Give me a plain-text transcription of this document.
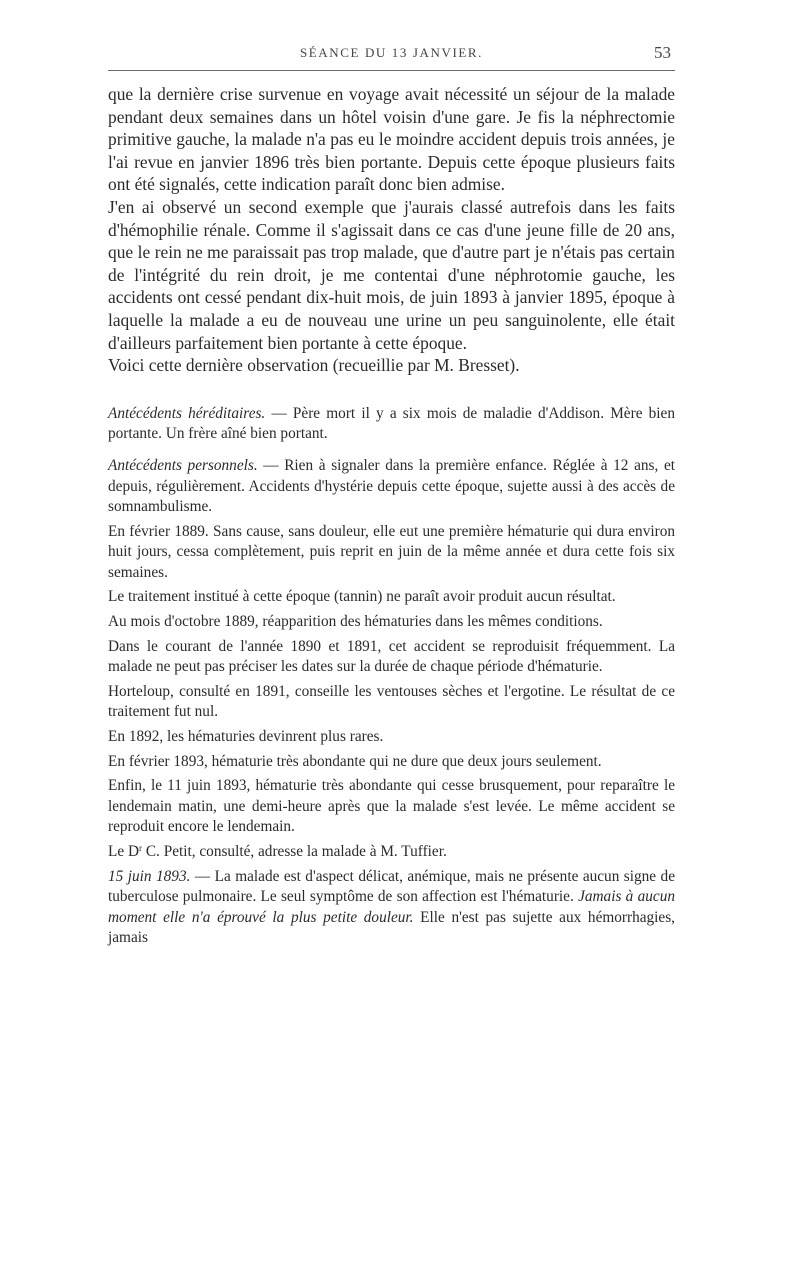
SÉANCE DU 13 JANVIER.	53

que la dernière crise survenue en voyage avait nécessité un séjour de la malade pendant deux semaines dans un hôtel voisin d'une gare. Je fis la néphrectomie primitive gauche, la malade n'a pas eu le moindre accident depuis trois années, je l'ai revue en janvier 1896 très bien portante. Depuis cette époque plusieurs faits ont été signalés, cette indication paraît donc bien admise.

J'en ai observé un second exemple que j'aurais classé autrefois dans les faits d'hémophilie rénale. Comme il s'agissait dans ce cas d'une jeune fille de 20 ans, que le rein ne me paraissait pas trop malade, que d'autre part je n'étais pas certain de l'intégrité du rein droit, je me contentai d'une néphrotomie gauche, les accidents ont cessé pendant dix-huit mois, de juin 1893 à janvier 1895, époque à laquelle la malade a eu de nouveau une urine un peu sanguinolente, elle était d'ailleurs parfaitement bien portante à cette époque.

Voici cette dernière observation (recueillie par M. Bresset).

Antécédents héréditaires. — Père mort il y a six mois de maladie d'Addison. Mère bien portante. Un frère aîné bien portant.

Antécédents personnels. — Rien à signaler dans la première enfance. Réglée à 12 ans, et depuis, régulièrement. Accidents d'hystérie depuis cette époque, sujette aussi à des accès de somnambulisme.

En février 1889. Sans cause, sans douleur, elle eut une première hématurie qui dura environ huit jours, cessa complètement, puis reprit en juin de la même année et dura cette fois six semaines.

Le traitement institué à cette époque (tannin) ne paraît avoir produit aucun résultat.

Au mois d'octobre 1889, réapparition des hématuries dans les mêmes conditions.

Dans le courant de l'année 1890 et 1891, cet accident se reproduisit fréquemment. La malade ne peut pas préciser les dates sur la durée de chaque période d'hématurie.

Horteloup, consulté en 1891, conseille les ventouses sèches et l'ergotine. Le résultat de ce traitement fut nul.

En 1892, les hématuries devinrent plus rares.

En février 1893, hématurie très abondante qui ne dure que deux jours seulement.

Enfin, le 11 juin 1893, hématurie très abondante qui cesse brusquement, pour reparaître le lendemain matin, une demi-heure après que la malade s'est levée. Le même accident se reproduit encore le lendemain.

Le $D^r$ C. Petit, consulté, adresse la malade à M. Tuffier.

15 juin 1893. — La malade est d'aspect délicat, anémique, mais ne présente aucun signe de tuberculose pulmonaire. Le seul symptôme de son affection est l'hématurie. Jamais à aucun moment elle n'a éprouvé la plus petite douleur. Elle n'est pas sujette aux hémorrhagies, jamais
